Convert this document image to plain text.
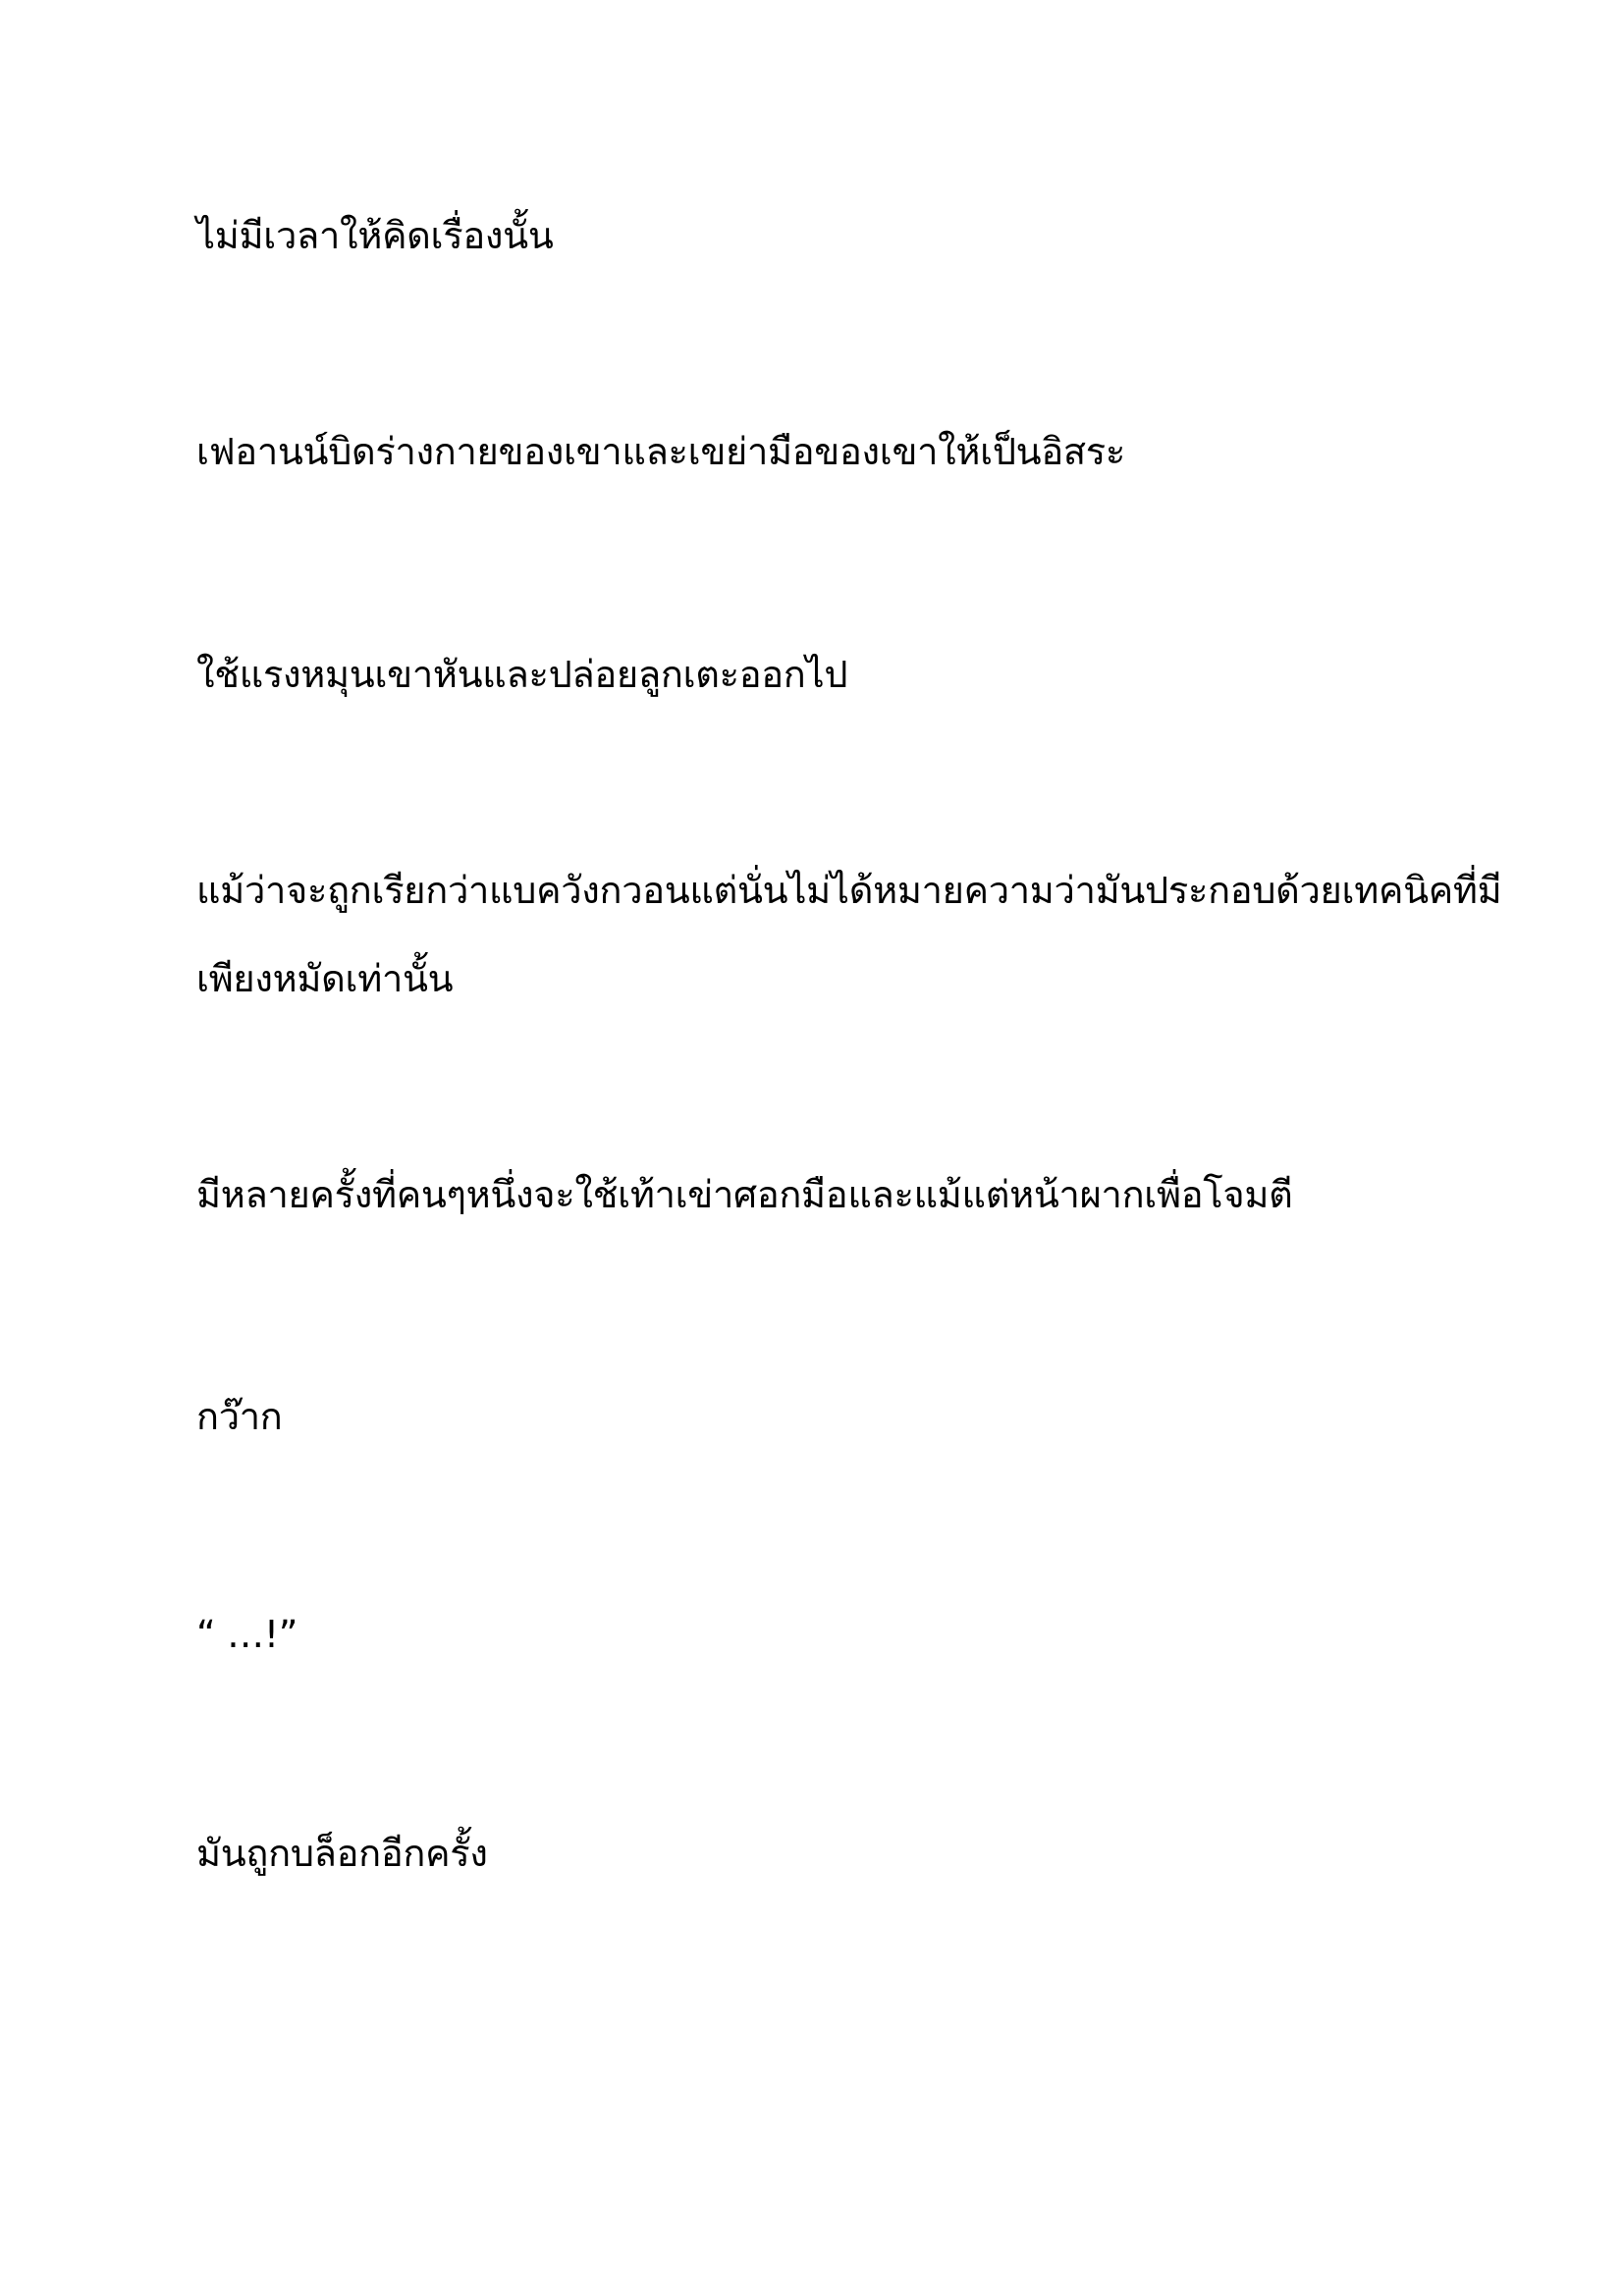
ไม่มีเวลาให้คิดเรื่องนั้น

เฟอานน์บิดร่างกายของเขาและเขย่ามือของเขาให้เป็นอิสระ

ใช้แรงหมุนเขาหันและปล่อยลูกเตะออกไป

แม้ว่าจะถูกเรียกว่าแบควังกวอนแต่นั่นไม่ได้หมายความว่ามันประกอบด้วยเทคนิคที่มี
เพียงหมัดเท่านั้น

มีหลายครั้งที่คนๆหนึ่งจะใช้เท้าเข่าศอกมือและแม้แต่หน้าผากเพื่อโจมตี

กว๊าก

“ …!”

มันถูกบล็อกอีกครั้ง
